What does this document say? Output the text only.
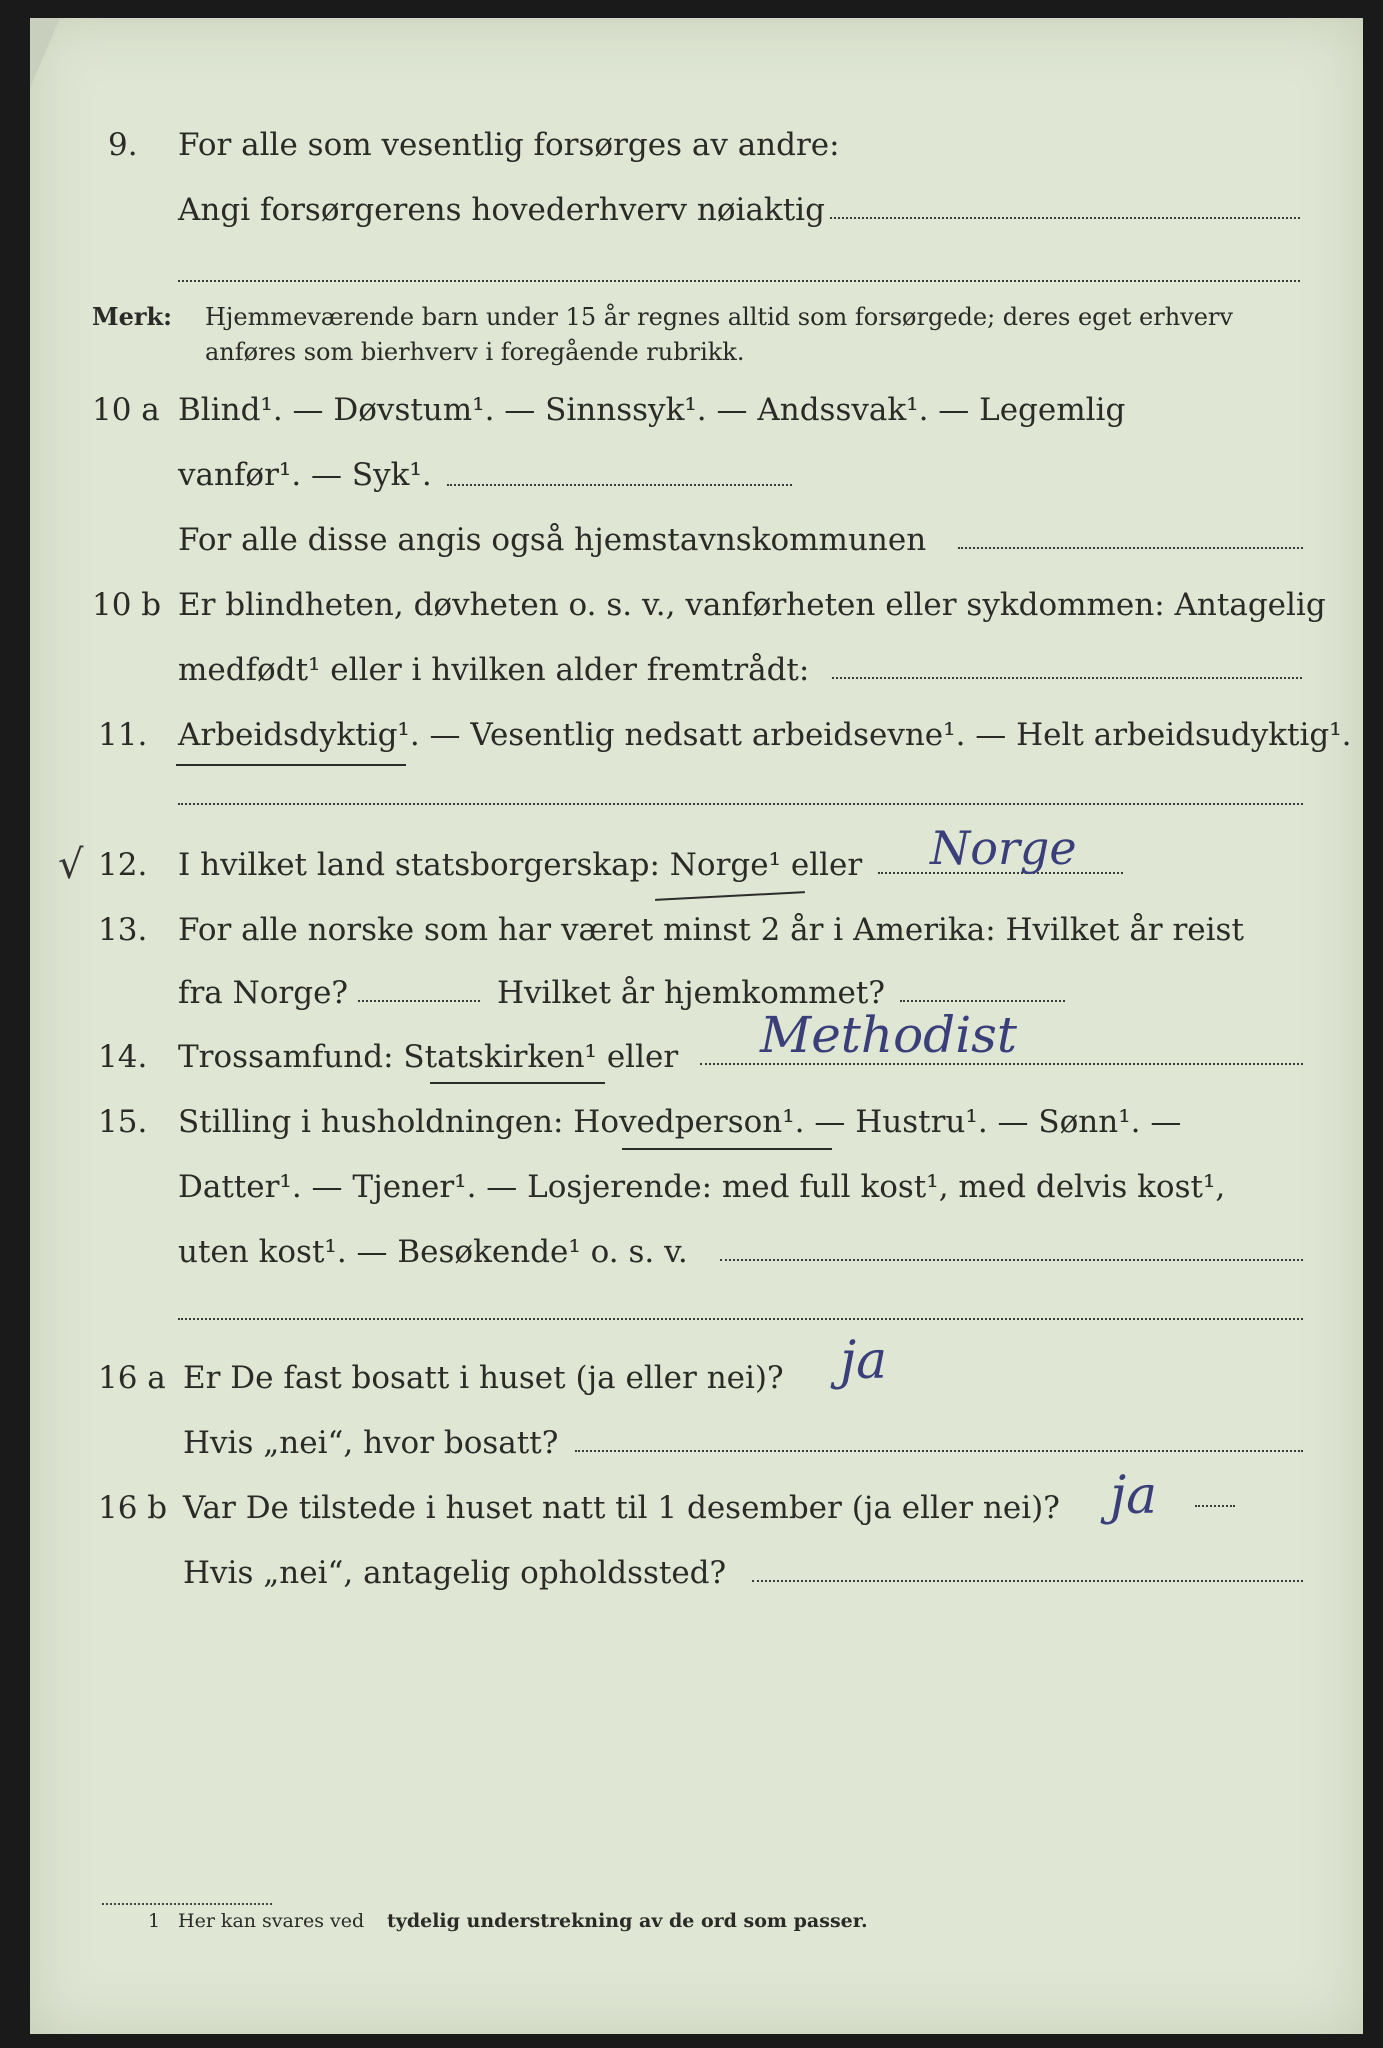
9. For alle som vesentlig forsørges av andre:
Angi forsørgerens hovederhverv nøiaktig
Merk: Hjemmeværende barn under 15 år regnes alltid som forsørgede; deres eget erhverv
anføres som bierhverv i foregående rubrikk.
10 a Blind¹. — Døvstum¹. — Sinnssyk¹. — Andssvak¹. — Legemlig
vanfør¹. — Syk¹.
For alle disse angis også hjemstavnskommunen
10 b Er blindheten, døvheten o. s. v., vanførheten eller sykdommen: Antagelig
medfødt¹ eller i hvilken alder fremtrådt:
11. Arbeidsdyktig¹. — Vesentlig nedsatt arbeidsevne¹. — Helt arbeidsudyktig¹.
√ 12. I hvilket land statsborgerskap: Norge¹ eller Norge
13. For alle norske som har været minst 2 år i Amerika: Hvilket år reist
fra Norge?	Hvilket år hjemkommet?
14. Trossamfund: Statskirken¹ eller Methodist
15. Stilling i husholdningen: Hovedperson¹. — Hustru¹. — Sønn¹. —
Datter¹. — Tjener¹. — Losjerende: med full kost¹, med delvis kost¹,
uten kost¹. — Besøkende¹ o. s. v.
16 a Er De fast bosatt i huset (ja eller nei)? ja
Hvis „nei“, hvor bosatt?
16 b Var De tilstede i huset natt til 1 desember (ja eller nei)? ja
Hvis „nei“, antagelig opholdssted?
1 Her kan svares ved tydelig understrekning av de ord som passer.
